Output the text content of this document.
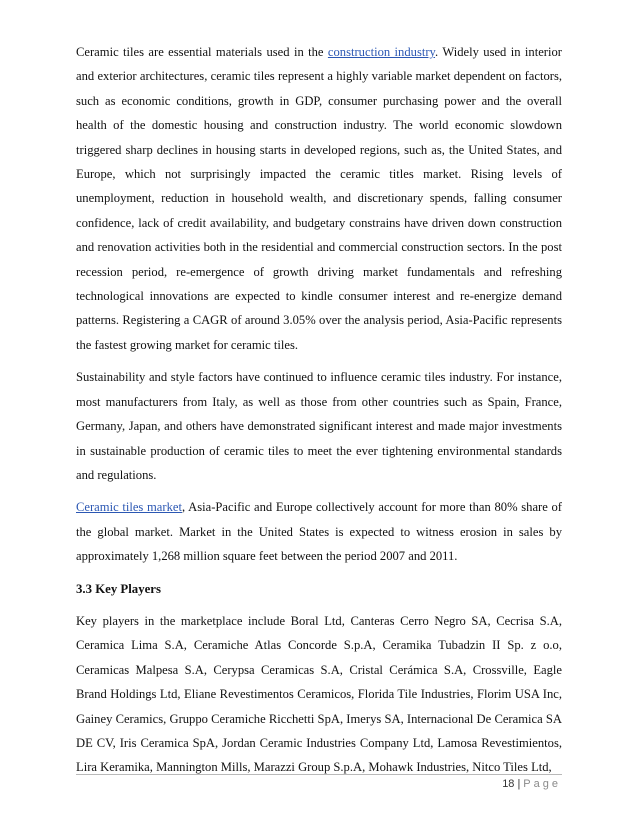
Ceramic tiles are essential materials used in the construction industry. Widely used in interior and exterior architectures, ceramic tiles represent a highly variable market dependent on factors, such as economic conditions, growth in GDP, consumer purchasing power and the overall health of the domestic housing and construction industry. The world economic slowdown triggered sharp declines in housing starts in developed regions, such as, the United States, and Europe, which not surprisingly impacted the ceramic titles market. Rising levels of unemployment, reduction in household wealth, and discretionary spends, falling consumer confidence, lack of credit availability, and budgetary constrains have driven down construction and renovation activities both in the residential and commercial construction sectors. In the post recession period, re-emergence of growth driving market fundamentals and refreshing technological innovations are expected to kindle consumer interest and re-energize demand patterns. Registering a CAGR of around 3.05% over the analysis period, Asia-Pacific represents the fastest growing market for ceramic tiles.

Sustainability and style factors have continued to influence ceramic tiles industry. For instance, most manufacturers from Italy, as well as those from other countries such as Spain, France, Germany, Japan, and others have demonstrated significant interest and made major investments in sustainable production of ceramic tiles to meet the ever tightening environmental standards and regulations.

Ceramic tiles market, Asia-Pacific and Europe collectively account for more than 80% share of the global market. Market in the United States is expected to witness erosion in sales by approximately 1,268 million square feet between the period 2007 and 2011.

3.3 Key Players

Key players in the marketplace include Boral Ltd, Canteras Cerro Negro SA, Cecrisa S.A, Ceramica Lima S.A, Ceramiche Atlas Concorde S.p.A, Ceramika Tubadzin II Sp. z o.o, Ceramicas Malpesa S.A, Cerypsa Ceramicas S.A, Cristal Cerámica S.A, Crossville, Eagle Brand Holdings Ltd, Eliane Revestimentos Ceramicos, Florida Tile Industries, Florim USA Inc, Gainey Ceramics, Gruppo Ceramiche Ricchetti SpA, Imerys SA, Internacional De Ceramica SA DE CV, Iris Ceramica SpA, Jordan Ceramic Industries Company Ltd, Lamosa Revestimientos, Lira Keramika, Mannington Mills, Marazzi Group S.p.A, Mohawk Industries, Nitco Tiles Ltd,

18 | Page
